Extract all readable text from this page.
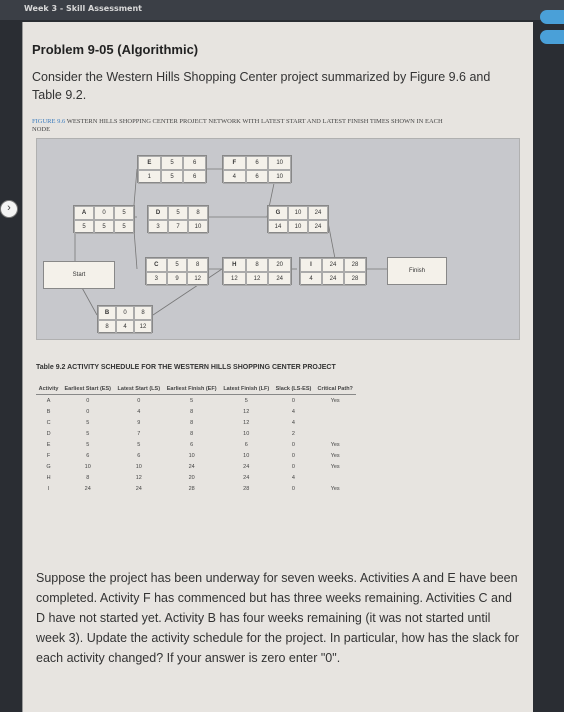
Week 3 - Skill Assessment
›
Problem 9-05 (Algorithmic)
Consider the Western Hills Shopping Center project summarized by Figure 9.6 and Table 9.2.
FIGURE 9.6 WESTERN HILLS SHOPPING CENTER PROJECT NETWORK WITH LATEST START AND LATEST FINISH TIMES SHOWN IN EACH NODE
E	5	6
1	5	6
F	6	10
4	6	10
A	0	5
5	5	5
D	5	8
3	7	10
G	10	24
14	10	24
Start
C	5	8
3	9	12
H	8	20
12	12	24
I	24	28
4	24	28
Finish
B	0	8
8	4	12
Table 9.2 ACTIVITY SCHEDULE FOR THE WESTERN HILLS SHOPPING CENTER PROJECT
Activity	Earliest Start (ES)	Latest Start (LS)	Earliest Finish (EF)	Latest Finish (LF)	Slack (LS-ES)	Critical Path?
A	0	0	5	5	0	Yes
B	0	4	8	12	4	
C	5	9	8	12	4	
D	5	7	8	10	2	
E	5	5	6	6	0	Yes
F	6	6	10	10	0	Yes
G	10	10	24	24	0	Yes
H	8	12	20	24	4	
I	24	24	28	28	0	Yes
Suppose the project has been underway for seven weeks. Activities A and E have been completed. Activity F has commenced but has three weeks remaining. Activities C and D have not started yet. Activity B has four weeks remaining (it was not started until week 3). Update the activity schedule for the project. In particular, how has the slack for each activity changed? If your answer is zero enter "0".
